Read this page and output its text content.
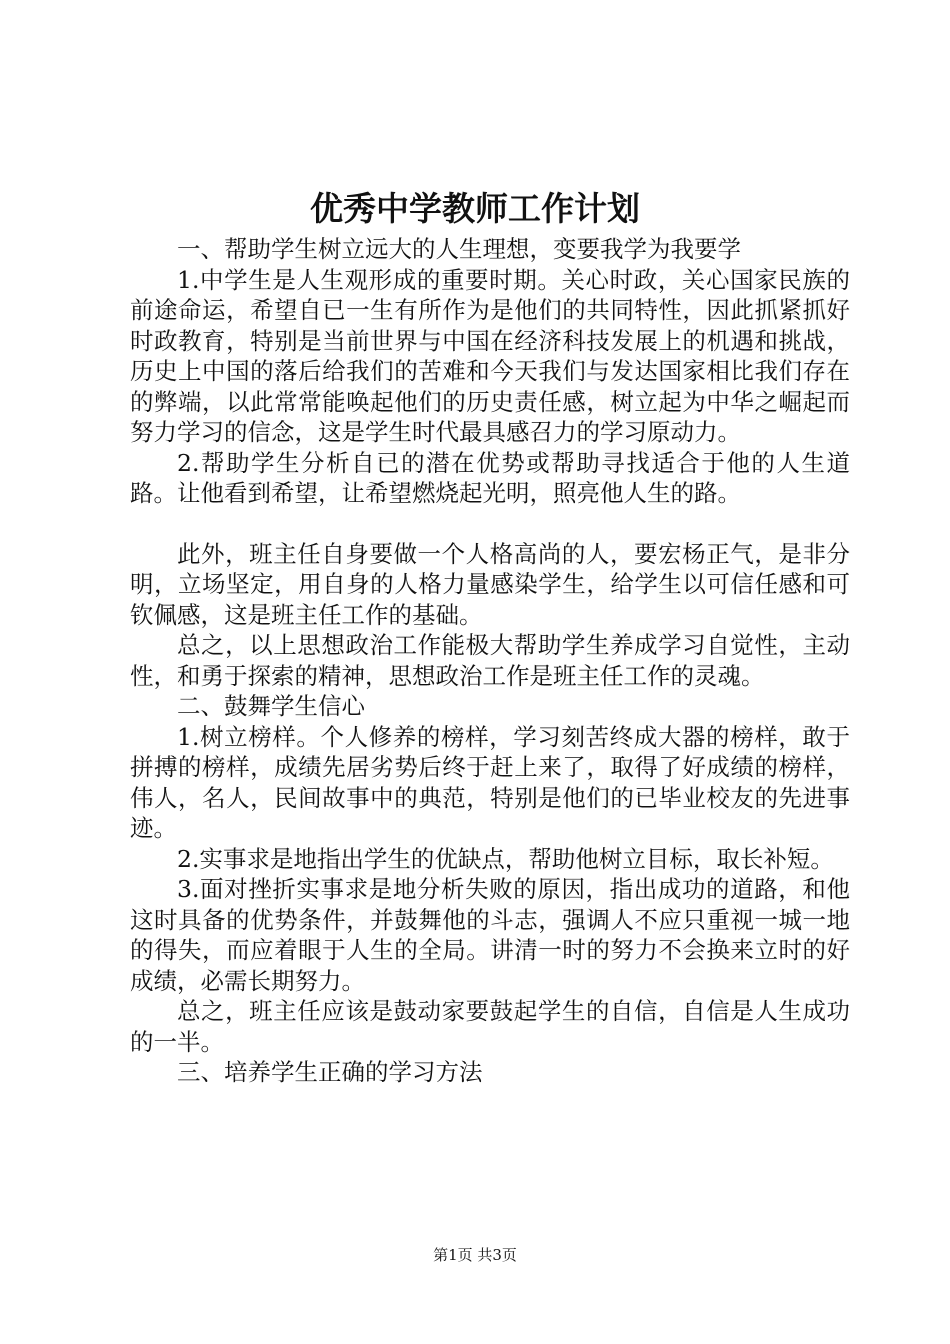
优秀中学教师工作计划

一、帮助学生树立远大的人生理想，变要我学为我要学

1.中学生是人生观形成的重要时期。关心时政，关心国家民族的前途命运，希望自已一生有所作为是他们的共同特性，因此抓紧抓好时政教育，特别是当前世界与中国在经济科技发展上的机遇和挑战，历史上中国的落后给我们的苦难和今天我们与发达国家相比我们存在的弊端，以此常常能唤起他们的历史责任感，树立起为中华之崛起而努力学习的信念，这是学生时代最具感召力的学习原动力。

2.帮助学生分析自已的潜在优势或帮助寻找适合于他的人生道路。让他看到希望，让希望燃烧起光明，照亮他人生的路。

此外，班主任自身要做一个人格高尚的人，要宏杨正气，是非分明，立场坚定，用自身的人格力量感染学生，给学生以可信任感和可钦佩感，这是班主任工作的基础。

总之，以上思想政治工作能极大帮助学生养成学习自觉性，主动性，和勇于探索的精神，思想政治工作是班主任工作的灵魂。

二、鼓舞学生信心

1.树立榜样。个人修养的榜样，学习刻苦终成大器的榜样，敢于拼搏的榜样，成绩先居劣势后终于赶上来了，取得了好成绩的榜样，伟人，名人，民间故事中的典范，特别是他们的已毕业校友的先进事迹。

2.实事求是地指出学生的优缺点，帮助他树立目标，取长补短。

3.面对挫折实事求是地分析失败的原因，指出成功的道路，和他这时具备的优势条件，并鼓舞他的斗志，强调人不应只重视一城一地的得失，而应着眼于人生的全局。讲清一时的努力不会换来立时的好成绩，必需长期努力。

总之，班主任应该是鼓动家要鼓起学生的自信，自信是人生成功的一半。

三、培养学生正确的学习方法

第1页 共3页
